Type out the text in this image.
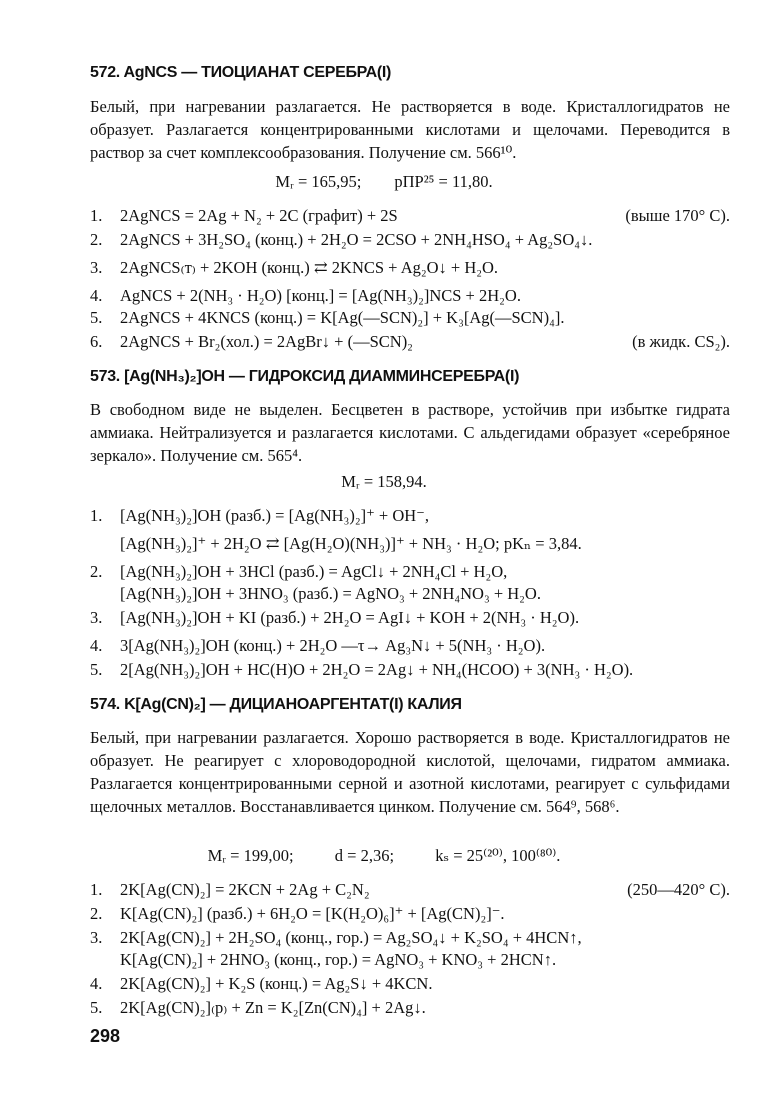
572. AgNCS — ТИОЦИАНАТ СЕРЕБРА(I)
Белый, при нагревании разлагается. Не растворяется в воде. Кристаллогидратов не образует. Разлагается концентрированными кислотами и щелочами. Переводится в раствор за счет комплексообразования. Получение см. 566¹⁰.
Mᵣ = 165,95;        pПР²⁵ = 11,80.
1.	2AgNCS = 2Ag + N₂ + 2C (графит) + 2S	(выше 170° C).
2.	2AgNCS + 3H₂SO₄ (конц.) + 2H₂O = 2CSO + 2NH₄HSO₄ + Ag₂SO₄↓.
3.	2AgNCS₍т₎ + 2KOH (конц.) ⇄ 2KNCS + Ag₂O↓ + H₂O.
4.	AgNCS + 2(NH₃ · H₂O) [конц.] = [Ag(NH₃)₂]NCS + 2H₂O.
5.	2AgNCS + 4KNCS (конц.) = K[Ag(—SCN)₂] + K₃[Ag(—SCN)₄].
6.	2AgNCS + Br₂(хол.) = 2AgBr↓ + (—SCN)₂	(в жидк. CS₂).
573. [Ag(NH₃)₂]OH — ГИДРОКСИД ДИАММИНСЕРЕБРА(I)
В свободном виде не выделен. Бесцветен в растворе, устойчив при избытке гидрата аммиака. Нейтрализуется и разлагается кислотами. С альдегидами образует «серебряное зеркало». Получение см. 565⁴.
Mᵣ = 158,94.
1.	[Ag(NH₃)₂]OH (разб.) = [Ag(NH₃)₂]⁺ + OH⁻,
[Ag(NH₃)₂]⁺ + 2H₂O ⇄ [Ag(H₂O)(NH₃)]⁺ + NH₃ · H₂O; pKₙ = 3,84.
2.	[Ag(NH₃)₂]OH + 3HCl (разб.) = AgCl↓ + 2NH₄Cl + H₂O,
[Ag(NH₃)₂]OH + 3HNO₃ (разб.) = AgNO₃ + 2NH₄NO₃ + H₂O.
3.	[Ag(NH₃)₂]OH + KI (разб.) + 2H₂O = AgI↓ + KOH + 2(NH₃ · H₂O).
4.	3[Ag(NH₃)₂]OH (конц.) + 2H₂O —τ→ Ag₃N↓ + 5(NH₃ · H₂O).
5.	2[Ag(NH₃)₂]OH + HC(H)O + 2H₂O = 2Ag↓ + NH₄(HCOO) + 3(NH₃ · H₂O).
574. K[Ag(CN)₂] — ДИЦИАНОАРГЕНТАТ(I) КАЛИЯ
Белый, при нагревании разлагается. Хорошо растворяется в воде. Кристаллогидратов не образует. Не реагирует с хлороводородной кислотой, щелочами, гидратом аммиака. Разлагается концентрированными серной и азотной кислотами, реагирует с сульфидами щелочных металлов. Восстанавливается цинком. Получение см. 564⁹, 568⁶.
Mᵣ = 199,00;          d = 2,36;          kₛ = 25⁽²⁰⁾, 100⁽⁸⁰⁾.
1.	2K[Ag(CN)₂] = 2KCN + 2Ag + C₂N₂	(250—420° C).
2.	K[Ag(CN)₂] (разб.) + 6H₂O = [K(H₂O)₆]⁺ + [Ag(CN)₂]⁻.
3.	2K[Ag(CN)₂] + 2H₂SO₄ (конц., гор.) = Ag₂SO₄↓ + K₂SO₄ + 4HCN↑,
K[Ag(CN)₂] + 2HNO₃ (конц., гор.) = AgNO₃ + KNO₃ + 2HCN↑.
4.	2K[Ag(CN)₂] + K₂S (конц.) = Ag₂S↓ + 4KCN.
5.	2K[Ag(CN)₂]₍р₎ + Zn = K₂[Zn(CN)₄] + 2Ag↓.
298
